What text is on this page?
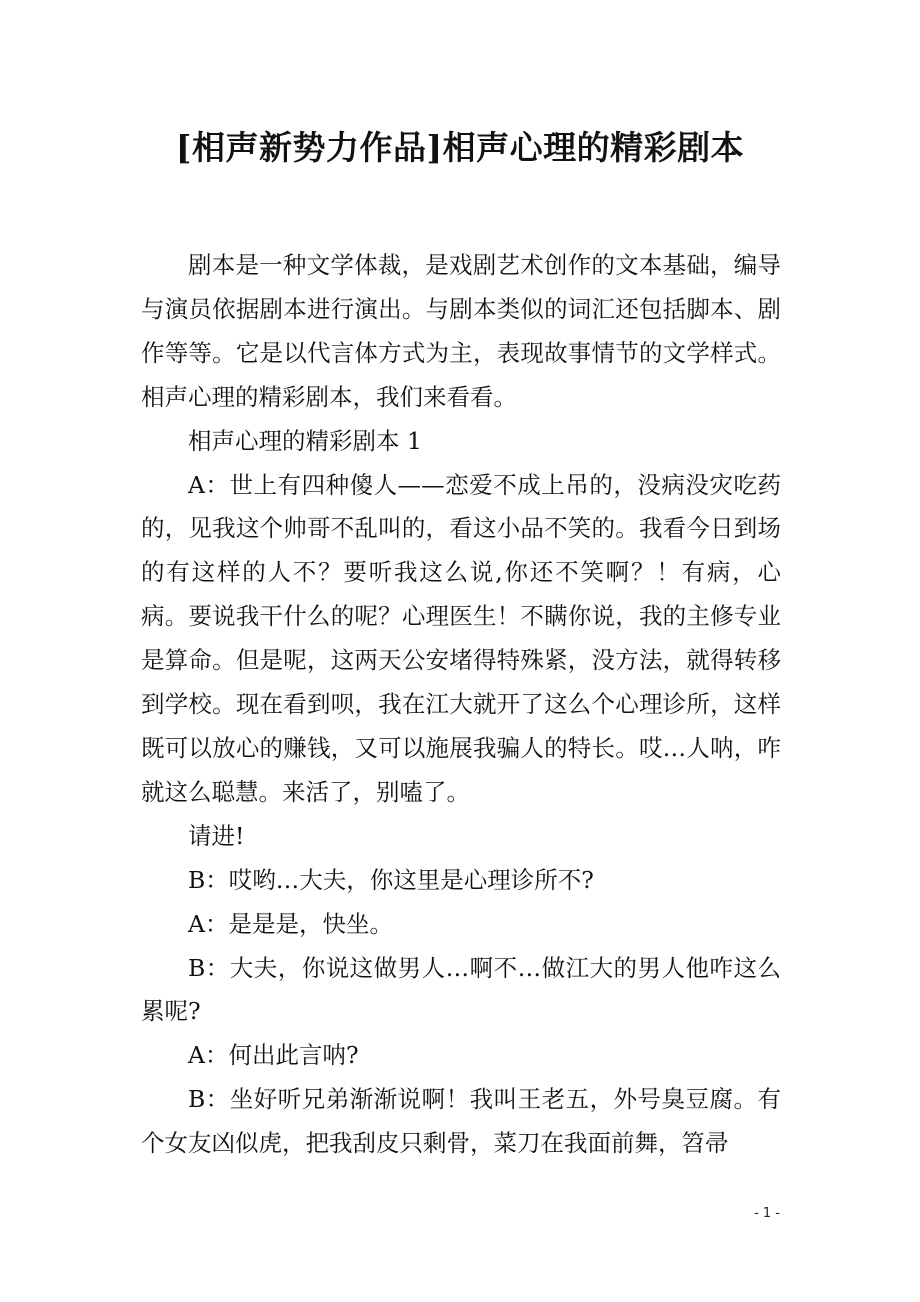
[相声新势力作品]相声心理的精彩剧本

剧本是一种文学体裁，是戏剧艺术创作的文本基础，编导与演员依据剧本进行演出。与剧本类似的词汇还包括脚本、剧作等等。它是以代言体方式为主，表现故事情节的文学样式。相声心理的精彩剧本，我们来看看。

相声心理的精彩剧本 1

A：世上有四种傻人——恋爱不成上吊的，没病没灾吃药的，见我这个帅哥不乱叫的，看这小品不笑的。我看今日到场的有这样的人不？要听我这么说,你还不笑啊？！有病，心病。要说我干什么的呢？心理医生！不瞒你说，我的主修专业是算命。但是呢，这两天公安堵得特殊紧，没方法，就得转移到学校。现在看到呗，我在江大就开了这么个心理诊所，这样既可以放心的赚钱，又可以施展我骗人的特长。哎…人呐，咋就这么聪慧。来活了，别嗑了。

请进!

B：哎哟…大夫，你这里是心理诊所不?

A：是是是，快坐。

B：大夫，你说这做男人…啊不…做江大的男人他咋这么累呢?

A：何出此言呐?

B：坐好听兄弟渐渐说啊！我叫王老五，外号臭豆腐。有个女友凶似虎，把我刮皮只剩骨，菜刀在我面前舞，笤帚

- 1 -
